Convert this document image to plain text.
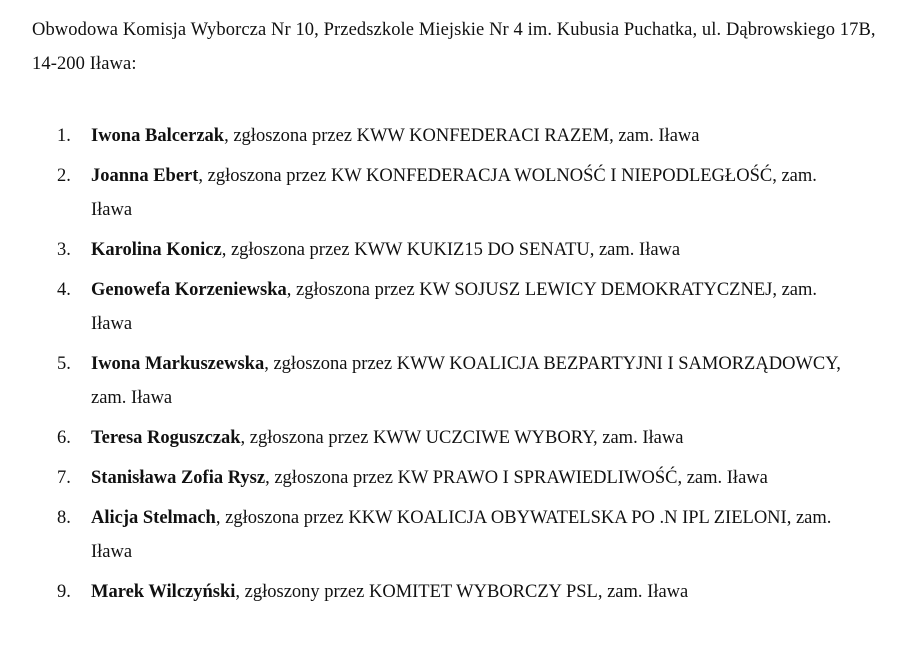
Obwodowa Komisja Wyborcza Nr 10, Przedszkole Miejskie Nr 4 im. Kubusia Puchatka, ul. Dąbrowskiego 17B, 14-200 Iława:

1. Iwona Balcerzak, zgłoszona przez KWW KONFEDERACI RAZEM, zam. Iława
2. Joanna Ebert, zgłoszona przez KW KONFEDERACJA WOLNOŚĆ I NIEPODLEGŁOŚĆ, zam. Iława
3. Karolina Konicz, zgłoszona przez KWW KUKIZ15 DO SENATU, zam. Iława
4. Genowefa Korzeniewska, zgłoszona przez KW SOJUSZ LEWICY DEMOKRATYCZNEJ, zam. Iława
5. Iwona Markuszewska, zgłoszona przez KWW KOALICJA BEZPARTYJNI I SAMORZĄDOWCY, zam. Iława
6. Teresa Roguszczak, zgłoszona przez KWW UCZCIWE WYBORY, zam. Iława
7. Stanisława Zofia Rysz, zgłoszona przez KW PRAWO I SPRAWIEDLIWOŚĆ, zam. Iława
8. Alicja Stelmach, zgłoszona przez KKW KOALICJA OBYWATELSKA PO .N IPL ZIELONI, zam. Iława
9. Marek Wilczyński, zgłoszony przez KOMITET WYBORCZY PSL, zam. Iława
